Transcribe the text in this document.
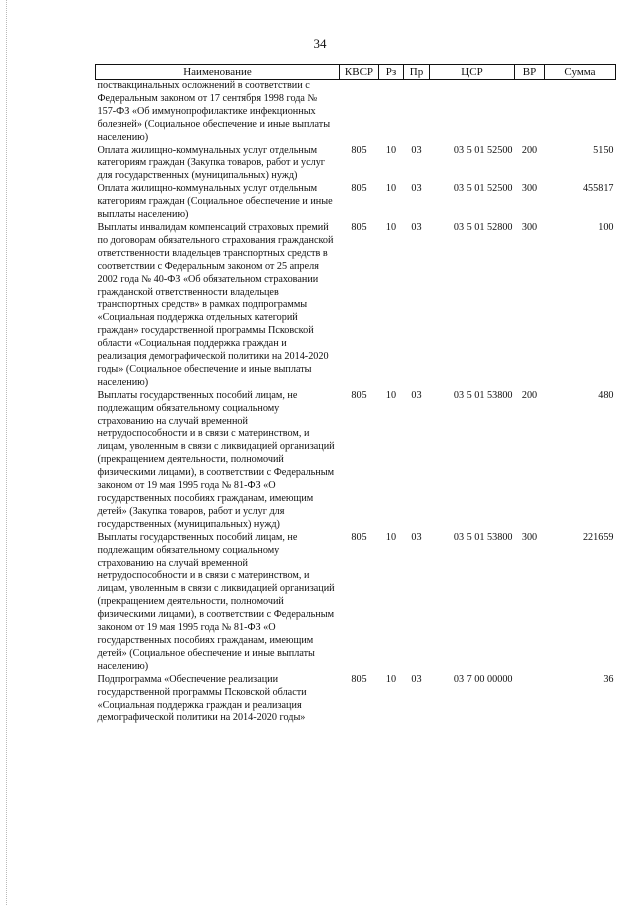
34
Наименование	КВСР	Рз	Пр	ЦСР	ВР	Сумма
поствакцинальных осложнений в соответствии с Федеральным законом от 17 сентября 1998 года № 157-ФЗ «Об иммунопрофилактике инфекционных болезней» (Социальное обеспечение и иные выплаты населению)						
Оплата жилищно-коммунальных услуг отдельным категориям граждан (Закупка товаров, работ и услуг для государственных (муниципальных) нужд)	805	10	03	03 5 01 52500	200	5150
Оплата жилищно-коммунальных услуг отдельным категориям граждан (Социальное обеспечение и иные выплаты населению)	805	10	03	03 5 01 52500	300	455817
Выплаты инвалидам компенсаций страховых премий по договорам обязательного страхования гражданской ответственности владельцев транспортных средств в соответствии с Федеральным законом от 25 апреля 2002 года № 40-ФЗ «Об обязательном страховании гражданской ответственности владельцев транспортных средств» в рамках подпрограммы «Социальная поддержка отдельных категорий граждан» государственной программы Псковской области «Социальная поддержка граждан и реализация демографической политики на 2014-2020 годы» (Социальное обеспечение и иные выплаты населению)	805	10	03	03 5 01 52800	300	100
Выплаты государственных пособий лицам, не подлежащим обязательному социальному страхованию на случай временной нетрудоспособности и в связи с материнством, и лицам, уволенным в связи с ликвидацией организаций (прекращением деятельности, полномочий физическими лицами), в соответствии с Федеральным законом от 19 мая 1995 года № 81-ФЗ «О государственных пособиях гражданам, имеющим детей» (Закупка товаров, работ и услуг для государственных (муниципальных) нужд)	805	10	03	03 5 01 53800	200	480
Выплаты государственных пособий лицам, не подлежащим обязательному социальному страхованию на случай временной нетрудоспособности и в связи с материнством, и лицам, уволенным в связи с ликвидацией организаций (прекращением деятельности, полномочий физическими лицами), в соответствии с Федеральным законом от 19 мая 1995 года № 81-ФЗ «О государственных пособиях гражданам, имеющим детей» (Социальное обеспечение и иные выплаты населению)	805	10	03	03 5 01 53800	300	221659
Подпрограмма «Обеспечение реализации государственной программы Псковской области «Социальная поддержка граждан и реализация демографической политики на 2014-2020 годы»	805	10	03	03 7 00 00000		36
